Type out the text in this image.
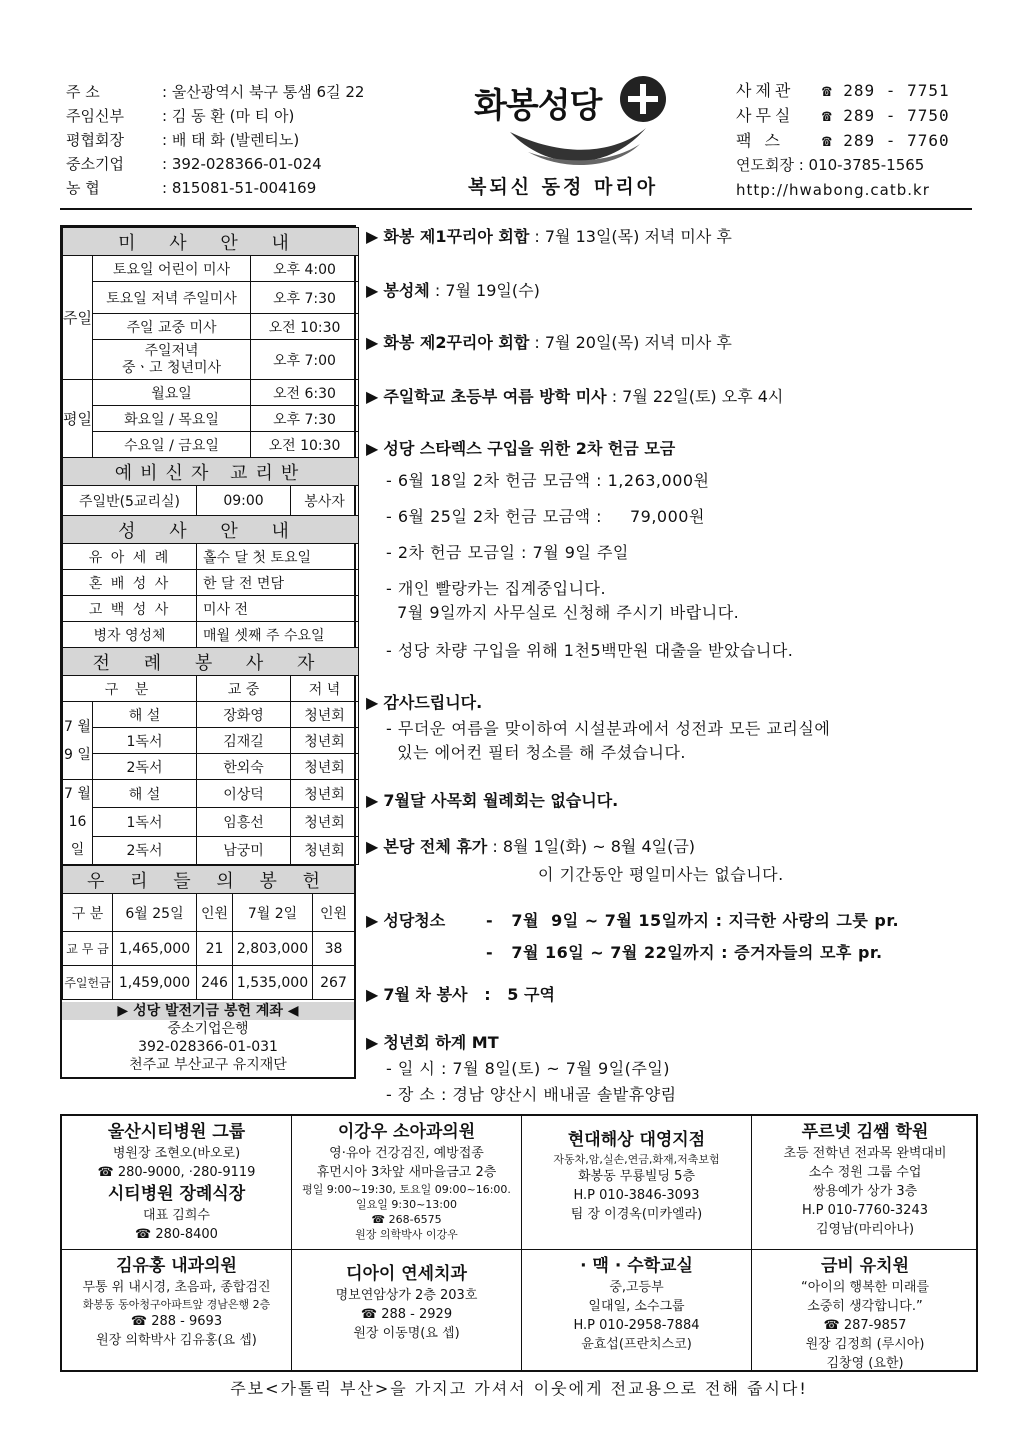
주 소	: 울산광역시 북구 통샘 6길 22
주임신부	: 김 동 환 (마 티 아)
평협회장	: 배 태 화 (발렌티노)
중소기업	: 392-028366-01-024
농 협	: 815081-51-004169
화봉성당
복되신 동정 마리아
사제관	☎ 289 - 7751
사무실	☎ 289 - 7750
팩 스	☎ 289 - 7760
연도회장 : 010-3785-1565
http://hwabong.catb.kr
미 사 안 내				
주일	토요일 어린이 미사		오후 4:00	
	토요일 저녁 주일미사		오후 7:30	
	주일 교중 미사		오전 10:30	
	주일저녁
중ㆍ고 청년미사		오후 7:00	
평일	월요일		오전 6:30	
	화요일 / 목요일		오후 7:30	
	수요일 / 금요일		오전 10:30	
예비신자 교리반				
주일반(5교리실)		09:00		봉사자
성 사 안 내				
유 아 세 례		홀수 달 첫 토요일		
혼 배 성 사		한 달 전 면담		
고 백 성 사		미사 전		
병자 영성체		매월 셋째 주 수요일		
전 례 봉 사 자				
구 분		교 중		저 녁
7 월
9 일	해 설	장화영		청년회
	1독서	김재길		청년회
	2독서	한외숙		청년회
7 월
16 일	해 설	이상덕		청년회
	1독서	임흥선		청년회
	2독서	남궁미		청년회
우 리 들 의 봉 헌				
구 분	6월 25일	인원	7월 2일	인원
교 무 금	1,465,000	21	2,803,000	38
주일헌금	1,459,000	246	1,535,000	267
▶ 성당 발전기금 봉헌 계좌 ◀
중소기업은행
392-028366-01-031
천주교 부산교구 유지재단
▶ 화봉 제1꾸리아 회합 : 7월 13일(목) 저녁 미사 후
▶ 봉성체 : 7월 19일(수)
▶ 화봉 제2꾸리아 회합 : 7월 20일(목) 저녁 미사 후
▶ 주일학교 초등부 여름 방학 미사 : 7월 22일(토) 오후 4시
▶ 성당 스타렉스 구입을 위한 2차 헌금 모금
- 6월 18일 2차 헌금 모금액 : 1,263,000원
- 6월 25일 2차 헌금 모금액 :     79,000원
- 2차 헌금 모금일 : 7월 9일 주일
- 개인 빨랑카는 집계중입니다.
7월 9일까지 사무실로 신청해 주시기 바랍니다.
- 성당 차량 구입을 위해 1천5백만원 대출을 받았습니다.
▶ 감사드립니다.
- 무더운 여름을 맞이하여 시설분과에서 성전과 모든 교리실에
있는 에어컨 필터 청소를 해 주셨습니다.
▶ 7월달 사목회 월례회는 없습니다.
▶ 본당 전체 휴가 : 8월 1일(화) ~ 8월 4일(금)
이 기간동안 평일미사는 없습니다.
▶ 성당청소	-   7월  9일 ~ 7월 15일까지 : 지극한 사랑의 그룻 pr.
-   7월 16일 ~ 7월 22일까지 : 증거자들의 모후 pr.
▶ 7월 차 봉사   :   5 구역
▶ 청년회 하계 MT
- 일 시 : 7월 8일(토) ~ 7월 9일(주일)
- 장 소 : 경남 양산시 배내골 솔밭휴양림
울산시티병원 그룹
병원장 조현오(바오로)
☎ 280-9000, ·280-9119
시티병원 장례식장
대표 김희수
☎ 280-8400
이강우 소아과의원
영·유아 건강검진, 예방접종
휴먼시아 3차앞 새마을금고 2층
평일 9:00~19:30, 토요일 09:00~16:00.
일요일 9:30~13:00
☎ 268-6575
원장 의학박사 이강우
현대해상 대영지점
자동차,암,실손,연금,화재,저축보험
화봉동 무룡빌딩 5층
H.P 010-3846-3093
팀 장 이경옥(미카엘라)
푸르넷 김쌤 학원
초등 전학년 전과목 완벽대비
소수 정원 그룹 수업
쌍용예가 상가 3층
H.P 010-7760-3243
김영남(마리아나)
김유홍 내과의원
무통 위 내시경, 초음파, 종합검진
화봉동 동아청구아파트앞 경남은행 2층
☎ 288 - 9693
원장 의학박사 김유홍(요 셉)
디아이 연세치과
명보연암상가 2층 203호
☎ 288 - 2929
원장 이동명(요 셉)
· 맥 · 수학교실
중,고등부
일대일, 소수그룹
H.P 010-2958-7884
윤효섭(프란치스코)
금비 유치원
“아이의 행복한 미래를
소중히 생각합니다.”
☎ 287-9857
원장 김정희 (루시아)
김창영 (요한)
주보<가톨릭 부산>을 가지고 가셔서 이웃에게 전교용으로 전해 줍시다!
